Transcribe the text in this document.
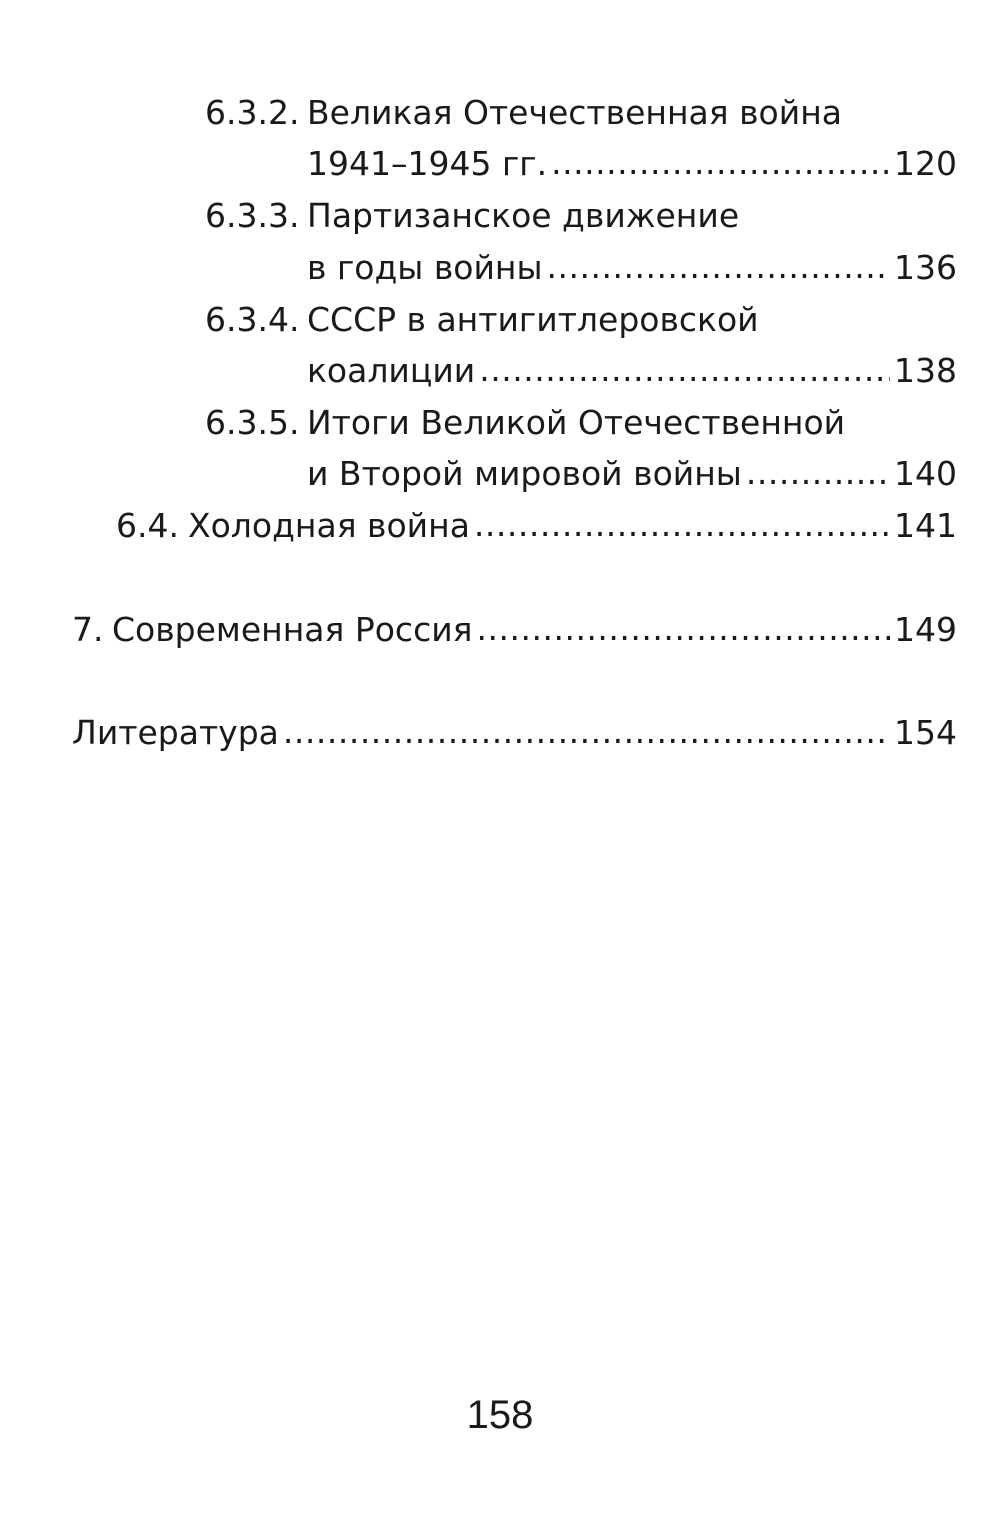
6.3.2. Великая Отечественная война
1941–1945 гг. .....	120
6.3.3. Партизанское движение
в годы войны .....	136
6.3.4. СССР в антигитлеровской
коалиции .....	138
6.3.5. Итоги Великой Отечественной
и Второй мировой войны .....	140
6.4. Холодная война .....	141
7. Современная Россия .....	149
Литература .....	154
158
